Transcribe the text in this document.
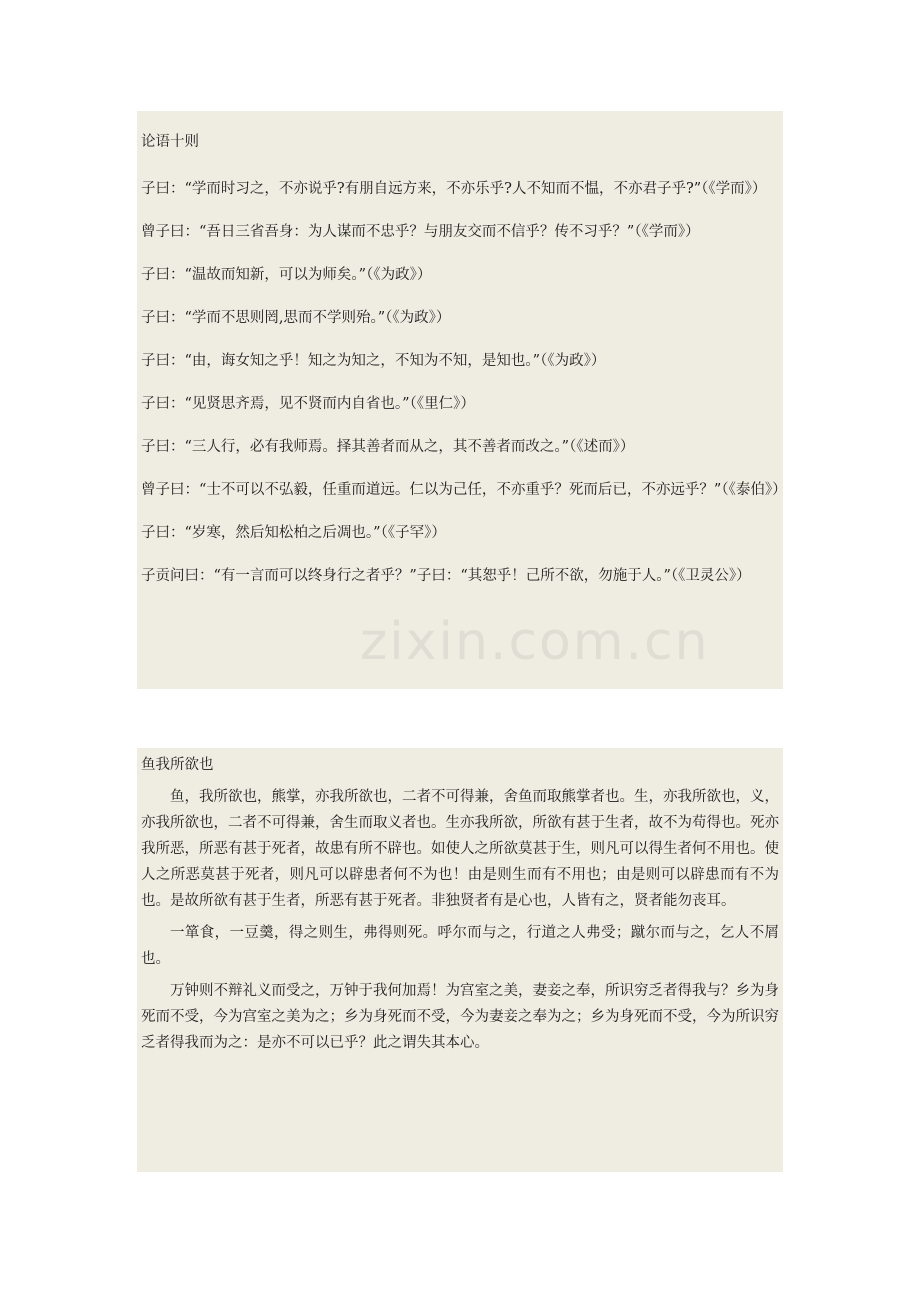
论语十则
子曰：“学而时习之，不亦说乎?有朋自远方来，不亦乐乎?人不知而不愠，不亦君子乎?”（《学而》）
曾子曰：“吾日三省吾身：为人谋而不忠乎？与朋友交而不信乎？传不习乎？”（《学而》）
子曰：“温故而知新，可以为师矣。”（《为政》）
子曰：“学而不思则罔,思而不学则殆。”（《为政》）
子曰：“由，诲女知之乎！知之为知之，不知为不知，是知也。”（《为政》）
子曰：“见贤思齐焉，见不贤而内自省也。”（《里仁》）
子曰：“三人行，必有我师焉。择其善者而从之，其不善者而改之。”（《述而》）
曾子曰：“士不可以不弘毅，任重而道远。仁以为己任，不亦重乎？死而后已，不亦远乎？”（《泰伯》）
子曰：“岁寒，然后知松柏之后凋也。”（《子罕》）
子贡问曰：“有一言而可以终身行之者乎？”子曰：“其恕乎！己所不欲，勿施于人。”（《卫灵公》）
鱼我所欲也

鱼，我所欲也，熊掌，亦我所欲也，二者不可得兼，舍鱼而取熊掌者也。生，亦我所欲也，义，亦我所欲也，二者不可得兼，舍生而取义者也。生亦我所欲，所欲有甚于生者，故不为苟得也。死亦我所恶，所恶有甚于死者，故患有所不辟也。如使人之所欲莫甚于生，则凡可以得生者何不用也。使人之所恶莫甚于死者，则凡可以辟患者何不为也！由是则生而有不用也；由是则可以辟患而有不为也。是故所欲有甚于生者，所恶有甚于死者。非独贤者有是心也，人皆有之，贤者能勿丧耳。

一箪食，一豆羹，得之则生，弗得则死。呼尔而与之，行道之人弗受；蹴尔而与之，乞人不屑也。

万钟则不辩礼义而受之，万钟于我何加焉！为宫室之美，妻妾之奉，所识穷乏者得我与？乡为身死而不受，今为宫室之美为之；乡为身死而不受，今为妻妾之奉为之；乡为身死而不受，今为所识穷乏者得我而为之：是亦不可以已乎？此之谓失其本心。
